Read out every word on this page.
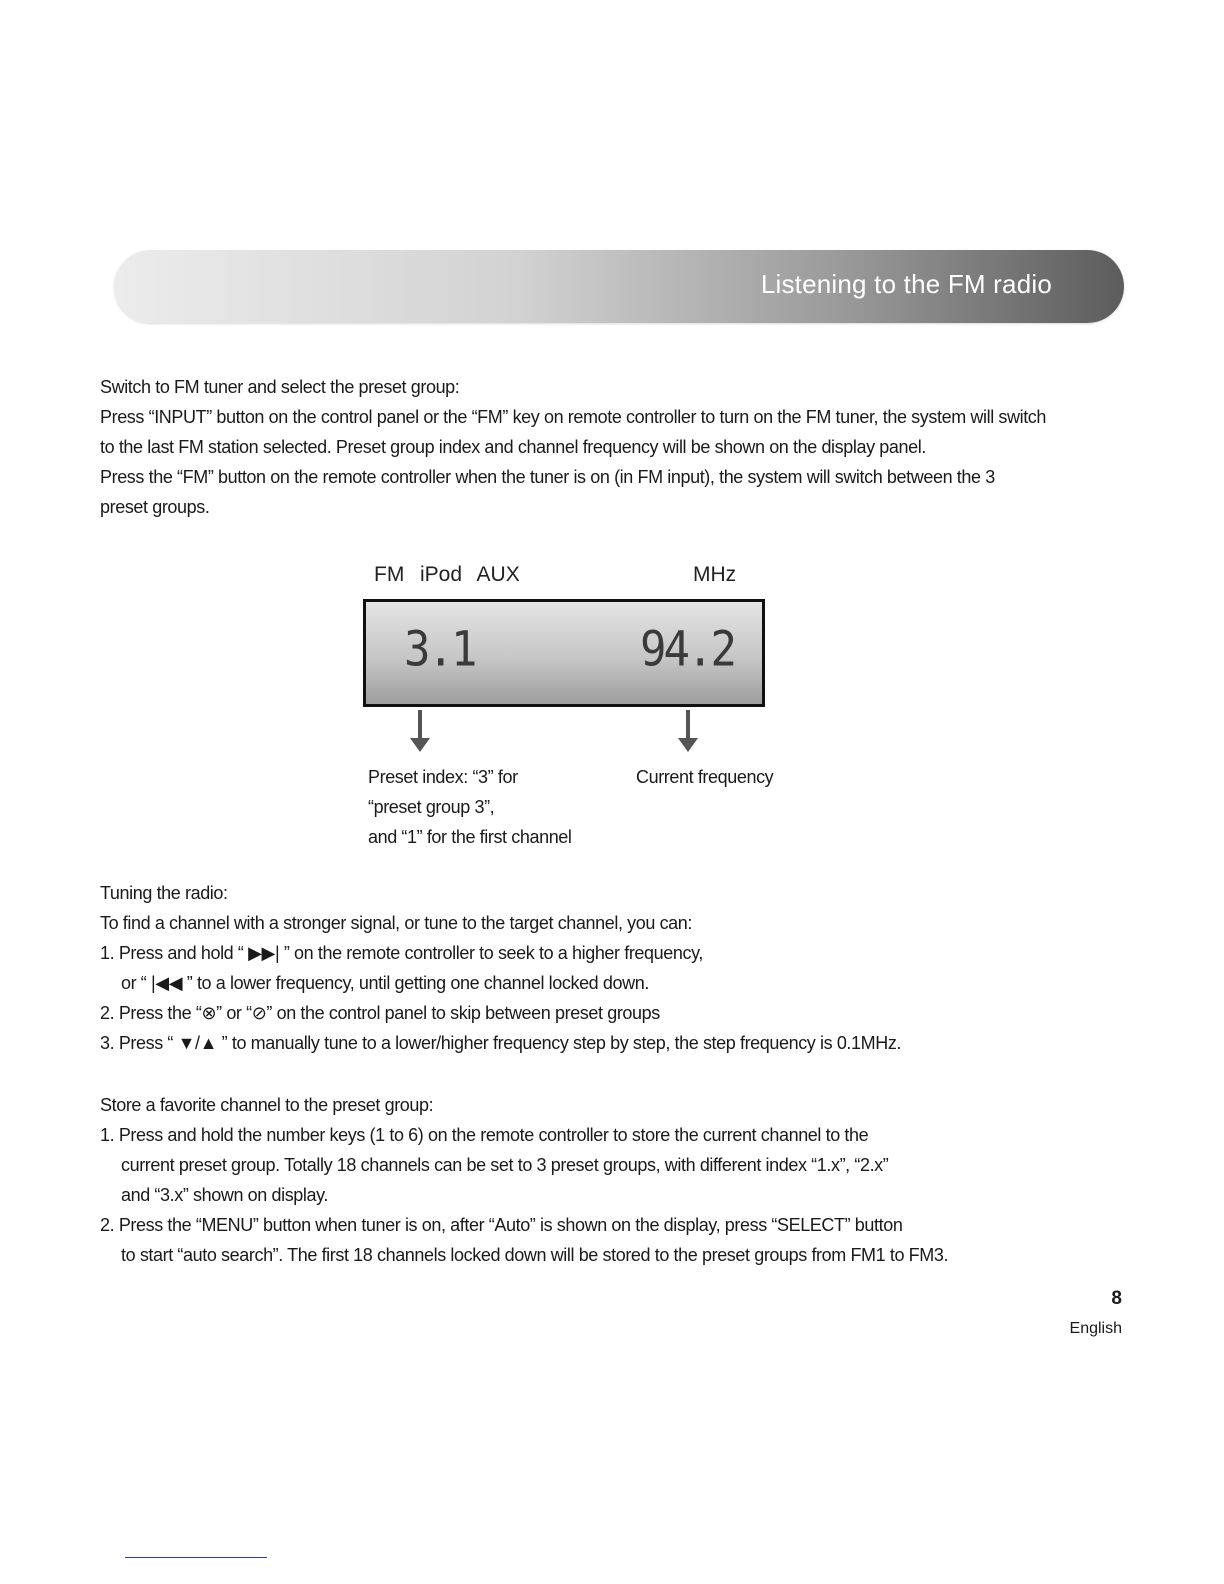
Listening to the FM radio

Switch to FM tuner and select the preset group:

Press “INPUT” button on the control panel or the “FM” key on remote controller to turn on the FM tuner, the system will switch

to the last FM station selected. Preset group index and channel frequency will be shown on the display panel.

Press the “FM” button on the remote controller when the tuner is on (in FM input), the system will switch between the 3

preset groups.

FM  iPod  AUX	MHz
3.1	94.2

Preset index: “3” for

“preset group 3”,

and “1” for the first channel

Current frequency

Tuning the radio:

To find a channel with a stronger signal, or tune to the target channel, you can:

1. Press and hold “ ▶▶| ” on the remote controller to seek to a higher frequency,

or “ |◀◀ ” to a lower frequency, until getting one channel locked down.

2. Press the “⊗” or “⊘” on the control panel to skip between preset groups

3. Press “ ▼/▲ ” to manually tune to a lower/higher frequency step by step, the step frequency is 0.1MHz.

Store a favorite channel to the preset group:

1. Press and hold the number keys (1 to 6) on the remote controller to store the current channel to the

current preset group. Totally 18 channels can be set to 3 preset groups, with different index “1.x”, “2.x”

and “3.x” shown on display.

2. Press the “MENU” button when tuner is on, after “Auto” is shown on the display, press “SELECT” button

to start “auto search”. The first 18 channels locked down will be stored to the preset groups from FM1 to FM3.

8
English
